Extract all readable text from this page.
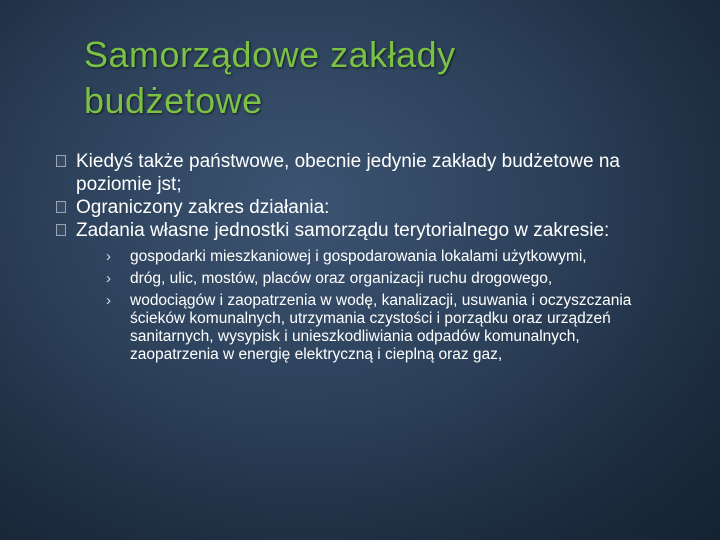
Samorządowe zakłady
budżetowe
Kiedyś także państwowe, obecnie jedynie zakłady budżetowe na poziomie jst;
Ograniczony zakres działania:
Zadania własne jednostki samorządu terytorialnego w zakresie:
› gospodarki mieszkaniowej i gospodarowania lokalami użytkowymi,
› dróg, ulic, mostów, placów oraz organizacji ruchu drogowego,
› wodociągów i zaopatrzenia w wodę, kanalizacji, usuwania i oczyszczania ścieków komunalnych, utrzymania czystości i porządku oraz urządzeń sanitarnych, wysypisk i unieszkodliwiania odpadów komunalnych, zaopatrzenia w energię elektryczną i cieplną oraz gaz,
